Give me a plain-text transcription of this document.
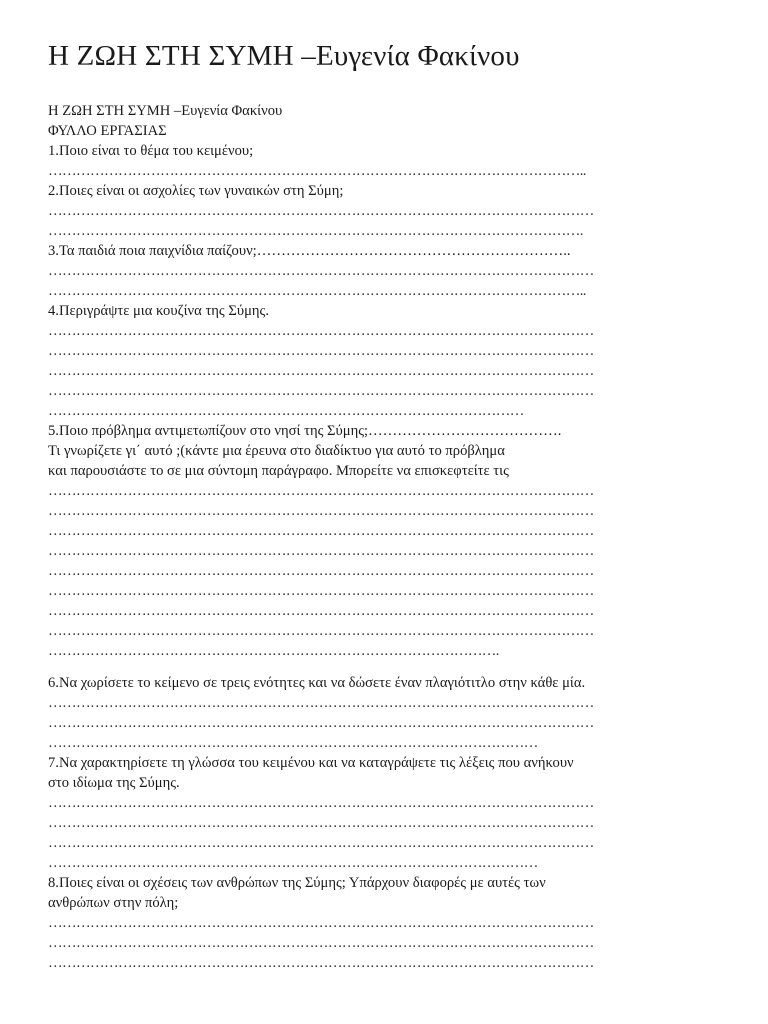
Η ΖΩΗ ΣΤΗ ΣΥΜΗ –Ευγενία Φακίνου
Η ΖΩΗ ΣΤΗ ΣΥΜΗ –Ευγενία Φακίνου
ΦΥΛΛΟ ΕΡΓΑΣΙΑΣ
1.Ποιο είναι το θέμα του κειμένου;
……………………………………………………………………………………………………..
2.Ποιες είναι οι ασχολίες των γυναικών στη Σύμη;
………………………………………………………………………………………………………
…………………………………………………………………………………………………….
3.Τα παιδιά ποια παιχνίδια παίζουν;………………………………………………………..
………………………………………………………………………………………………………
……………………………………………………………………………………………………..
4.Περιγράψτε μια κουζίνα της Σύμης.
………………………………………………………………………………………………………
………………………………………………………………………………………………………
………………………………………………………………………………………………………
………………………………………………………………………………………………………
…………………………………………………………………………………………
5.Ποιο πρόβλημα αντιμετωπίζουν στο νησί της Σύμης;………………………………….
Τι γνωρίζετε γι΄ αυτό ;(κάντε μια έρευνα στο διαδίκτυο για αυτό το πρόβλημα
και παρουσιάστε το σε μια σύντομη παράγραφο. Μπορείτε να επισκεφτείτε τις
………………………………………………………………………………………………………
………………………………………………………………………………………………………
………………………………………………………………………………………………………
………………………………………………………………………………………………………
………………………………………………………………………………………………………
………………………………………………………………………………………………………
………………………………………………………………………………………………………
………………………………………………………………………………………………………
…………………………………………………………………………………….
6.Να χωρίσετε το κείμενο σε τρεις ενότητες και να δώσετε έναν πλαγιότιτλο στην κάθε μία.
………………………………………………………………………………………………………
………………………………………………………………………………………………………
……………………………………………………………………………………………
7.Να χαρακτηρίσετε τη γλώσσα του κειμένου και να καταγράψετε τις λέξεις που ανήκουν
στο ιδίωμα της Σύμης.
………………………………………………………………………………………………………
………………………………………………………………………………………………………
………………………………………………………………………………………………………
……………………………………………………………………………………………
8.Ποιες είναι οι σχέσεις των ανθρώπων της Σύμης; Υπάρχουν διαφορές με αυτές των
ανθρώπων στην πόλη;
………………………………………………………………………………………………………
………………………………………………………………………………………………………
………………………………………………………………………………………………………
